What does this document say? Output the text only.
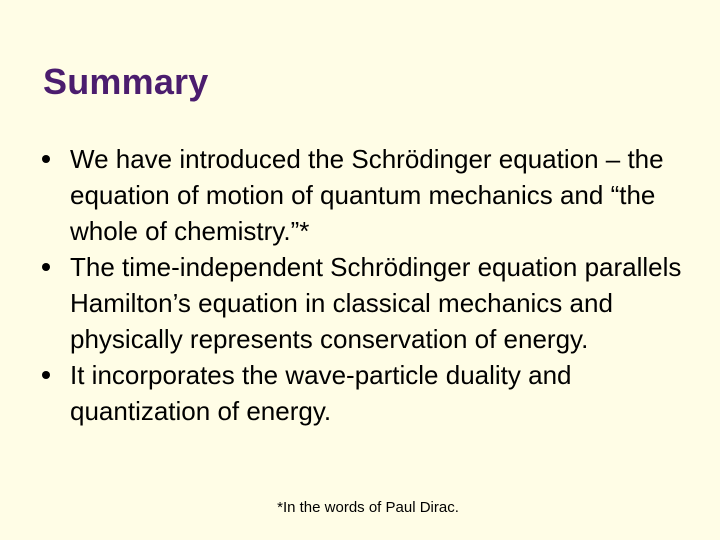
Summary
We have introduced the Schrödinger equation – the equation of motion of quantum mechanics and “the whole of chemistry.”*
The time-independent Schrödinger equation parallels Hamilton’s equation in classical mechanics and physically represents conservation of energy.
It incorporates the wave-particle duality and quantization of energy.
*In the words of Paul Dirac.
